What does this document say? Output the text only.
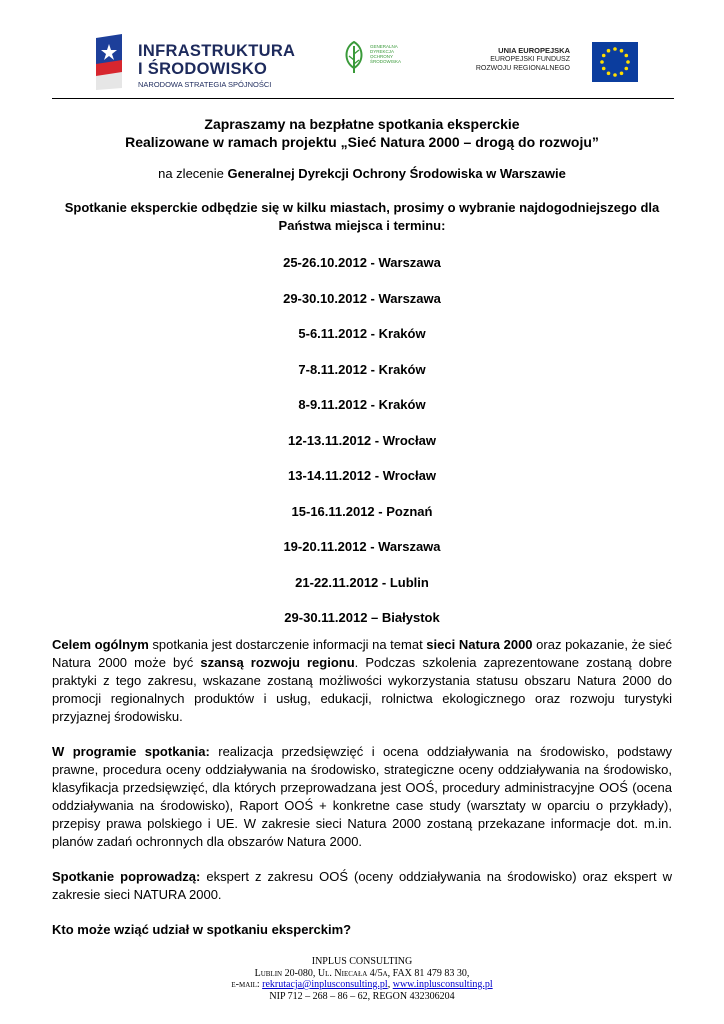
INFRASTRUKTURA
I ŚRODOWISKO
NARODOWA STRATEGIA SPÓJNOŚCI
GENERALNA DYREKCJA OCHRONY ŚRODOWISKA
UNIA EUROPEJSKA
EUROPEJSKI FUNDUSZ
ROZWOJU REGIONALNEGO
Zapraszamy na bezpłatne spotkania eksperckie
Realizowane w ramach projektu „Sieć Natura 2000 – drogą do rozwoju”
na zlecenie Generalnej Dyrekcji Ochrony Środowiska w Warszawie
Spotkanie eksperckie odbędzie się w kilku miastach, prosimy o wybranie najdogodniejszego dla
Państwa miejsca i terminu:
25-26.10.2012 - Warszawa
29-30.10.2012 - Warszawa
5-6.11.2012 - Kraków
7-8.11.2012 - Kraków
8-9.11.2012 - Kraków
12-13.11.2012 - Wrocław
13-14.11.2012 - Wrocław
15-16.11.2012 - Poznań
19-20.11.2012 - Warszawa
21-22.11.2012 - Lublin
29-30.11.2012 – Białystok
Celem ogólnym spotkania jest dostarczenie informacji na temat sieci Natura 2000 oraz pokazanie, że sieć Natura 2000 może być szansą rozwoju regionu. Podczas szkolenia zaprezentowane zostaną dobre praktyki z tego zakresu, wskazane zostaną możliwości wykorzystania statusu obszaru Natura 2000 do promocji regionalnych produktów i usług, edukacji, rolnictwa ekologicznego oraz rozwoju turystyki przyjaznej środowisku.
W programie spotkania: realizacja przedsięwzięć i ocena oddziaływania na środowisko, podstawy prawne, procedura oceny oddziaływania na środowisko, strategiczne oceny oddziaływania na środowisko, klasyfikacja przedsięwzięć, dla których przeprowadzana jest OOŚ, procedury administracyjne OOŚ (ocena oddziaływania na środowisko), Raport OOŚ + konkretne case study (warsztaty w oparciu o przykłady), przepisy prawa polskiego i UE. W zakresie sieci Natura 2000 zostaną przekazane informacje dot. m.in. planów zadań ochronnych dla obszarów Natura 2000.
Spotkanie poprowadzą: ekspert z zakresu OOŚ (oceny oddziaływania na środowisko) oraz ekspert w zakresie sieci NATURA 2000.
Kto może wziąć udział w spotkaniu eksperckim?
INPLUS CONSULTING
Lublin 20-080, Ul. Niecała 4/5a, FAX 81 479 83 30,
e-mail: rekrutacja@inplusconsulting.pl, www.inplusconsulting.pl
NIP 712 – 268 – 86 – 62, REGON 432306204
